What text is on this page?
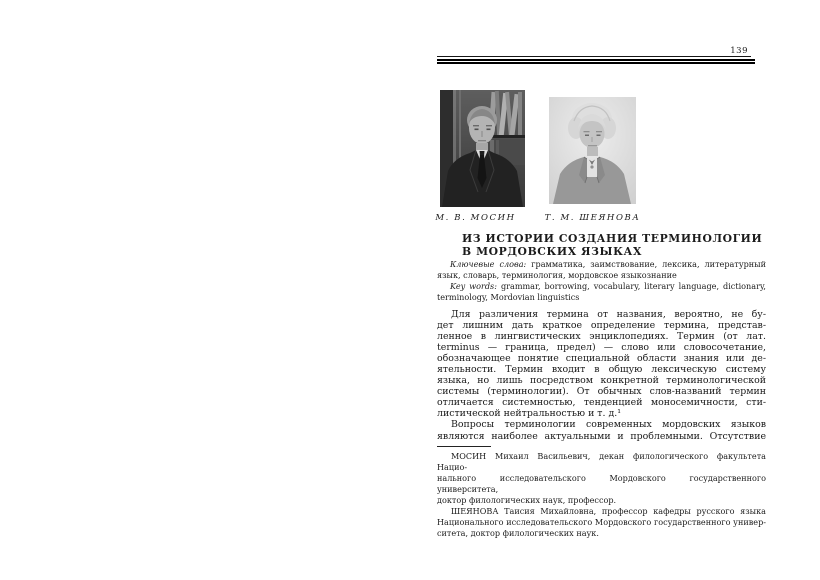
139
М. В. МОСИН	Т. М. ШЕЯНОВА
ИЗ ИСТОРИИ СОЗДАНИЯ ТЕРМИНОЛОГИИ
В МОРДОВСКИХ ЯЗЫКАХ
Ключевые слова: грамматика, заимствование, лексика, литературный
язык, словарь, терминология, мордовское языкознание
Key words: grammar, borrowing, vocabulary, literary language, dictionary,
terminology, Mordovian linguistics
Для различения термина от названия, вероятно, не бу-
дет лишним дать краткое определение термина, представ-
ленное в лингвистических энциклопедиях. Термин (от лат.
terminus — граница, предел) — слово или словосочетание,
обозначающее понятие специальной области знания или де-
ятельности. Термин входит в общую лексическую систему
языка, но лишь посредством конкретной терминологической
системы (терминологии). От обычных слов-названий термин
отличается системностью, тенденцией моносемичности, сти-
листической нейтральностью и т. д.¹
Вопросы терминологии современных мордовских языков
являются наиболее актуальными и проблемными. Отсутствие
МОСИН Михаил Васильевич, декан филологического факультета Нацио-
нального исследовательского Мордовского государственного университета,
доктор филологических наук, профессор.
ШЕЯНОВА Таисия Михайловна, профессор кафедры русского языка
Национального исследовательского Мордовского государственного универ-
ситета, доктор филологических наук.
